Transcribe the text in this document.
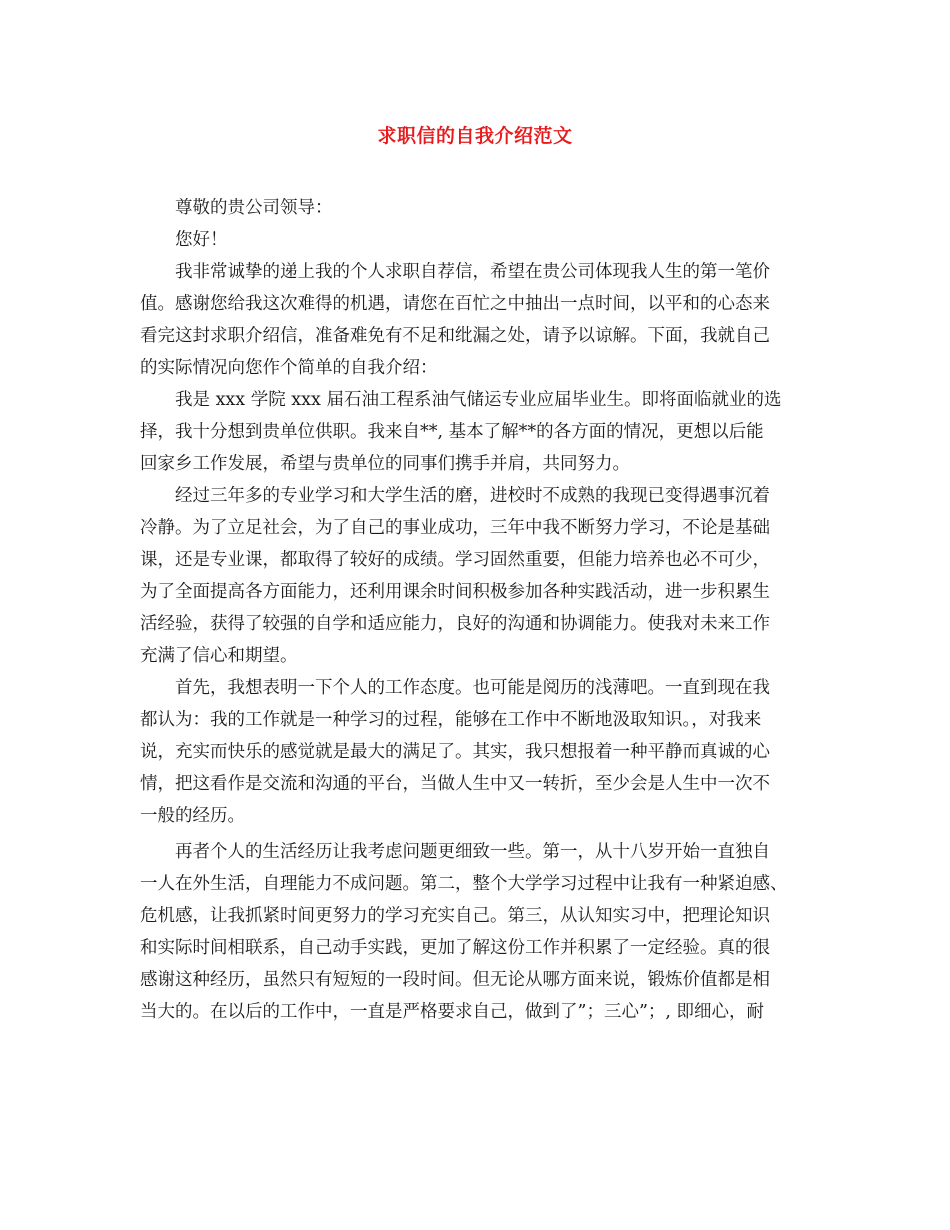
求职信的自我介绍范文
尊敬的贵公司领导：
您好！
我非常诚挚的递上我的个人求职自荐信，希望在贵公司体现我人生的第一笔价
值。感谢您给我这次难得的机遇，请您在百忙之中抽出一点时间，以平和的心态来
看完这封求职介绍信，准备难免有不足和纰漏之处，请予以谅解。下面，我就自己
的实际情况向您作个简单的自我介绍：
我是 xxx 学院 xxx 届石油工程系油气储运专业应届毕业生。即将面临就业的选
择，我十分想到贵单位供职。我来自**, 基本了解**的各方面的情况，更想以后能
回家乡工作发展，希望与贵单位的同事们携手并肩，共同努力。
经过三年多的专业学习和大学生活的磨，进校时不成熟的我现已变得遇事沉着
冷静。为了立足社会，为了自己的事业成功，三年中我不断努力学习，不论是基础
课，还是专业课，都取得了较好的成绩。学习固然重要，但能力培养也必不可少，
为了全面提高各方面能力，还利用课余时间积极参加各种实践活动，进一步积累生
活经验，获得了较强的自学和适应能力，良好的沟通和协调能力。使我对未来工作
充满了信心和期望。
首先，我想表明一下个人的工作态度。也可能是阅历的浅薄吧。一直到现在我
都认为：我的工作就是一种学习的过程，能够在工作中不断地汲取知识。，对我来
说，充实而快乐的感觉就是最大的满足了。其实，我只想报着一种平静而真诚的心
情，把这看作是交流和沟通的平台，当做人生中又一转折，至少会是人生中一次不
一般的经历。
再者个人的生活经历让我考虑问题更细致一些。第一，从十八岁开始一直独自
一人在外生活，自理能力不成问题。第二，整个大学学习过程中让我有一种紧迫感、
危机感，让我抓紧时间更努力的学习充实自己。第三，从认知实习中，把理论知识
和实际时间相联系，自己动手实践，更加了解这份工作并积累了一定经验。真的很
感谢这种经历，虽然只有短短的一段时间。但无论从哪方面来说，锻炼价值都是相
当大的。在以后的工作中，一直是严格要求自己，做到了”；三心”；, 即细心，耐
